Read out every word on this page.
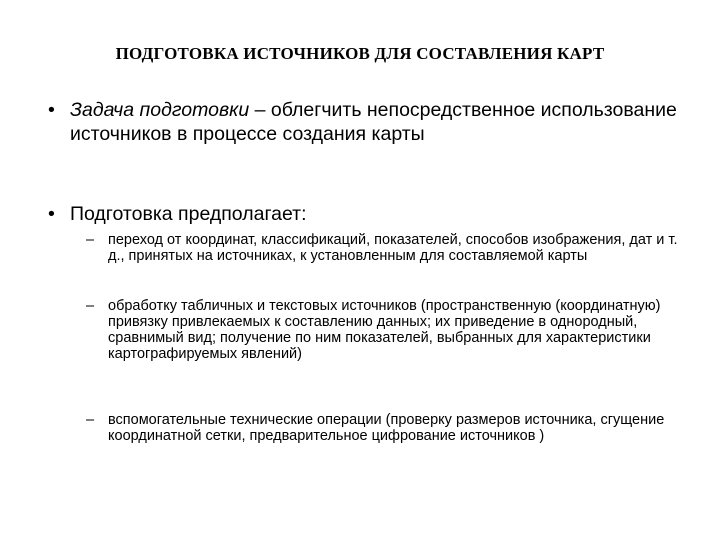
ПОДГОТОВКА ИСТОЧНИКОВ ДЛЯ СОСТАВЛЕНИЯ КАРТ
• Задача подготовки – облегчить непосредственное использование источников в процессе создания карты
• Подготовка предполагает:
– переход от координат, классификаций, показателей, способов изображения, дат и т. д., принятых на источниках, к установленным для составляемой карты
– обработку табличных и текстовых источников (пространственную (координатную) привязку привлекаемых к составлению данных; их приведение в однородный, сравнимый вид; получение по ним показателей, выбранных для характеристики картографируемых явлений)
– вспомогательные технические операции (проверку размеров источника, сгущение координатной сетки, предварительное цифрование источников )
